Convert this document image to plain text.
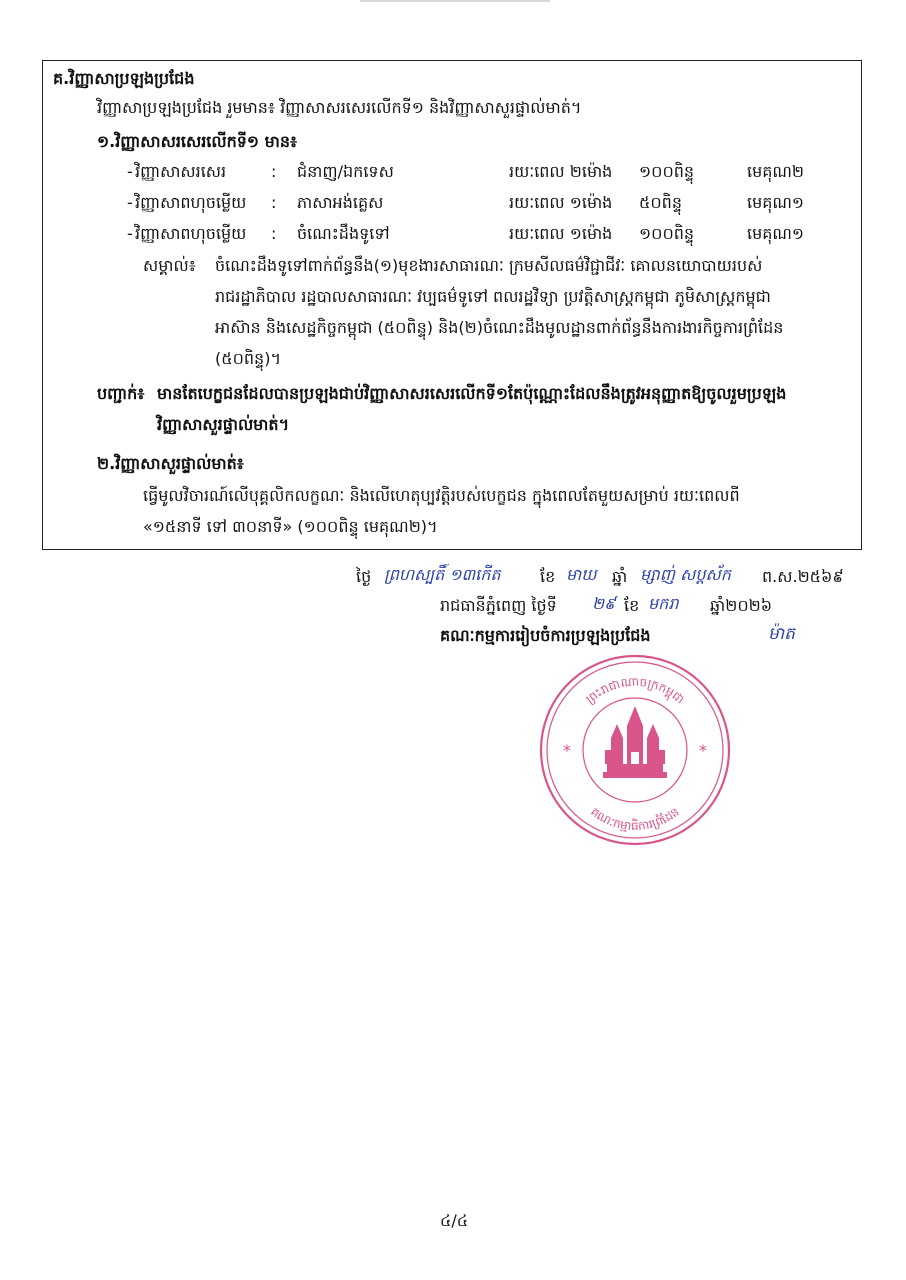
គ.វិញ្ញាសាប្រឡងប្រជែង
វិញ្ញាសាប្រឡងប្រជែង រួមមាន៖ វិញ្ញាសាសរសេរលើកទី១ និងវិញ្ញាសាសួរផ្ទាល់មាត់។
១.វិញ្ញាសាសរសេរលើកទី១ មាន៖
- វិញ្ញាសាសរសេរ	: ជំនាញ/ឯកទេស	រយៈពេល ២ម៉ោង ១០០ពិន្ទុ	មេគុណ២
- វិញ្ញាសាពហុចម្លើយ : ភាសាអង់គ្លេស	រយៈពេល ១ម៉ោង ៥០ពិន្ទុ	មេគុណ១
- វិញ្ញាសាពហុចម្លើយ : ចំណេះដឹងទូទៅ	រយៈពេល ១ម៉ោង ១០០ពិន្ទុ	មេគុណ១
សម្គាល់៖ ចំណេះដឹងទូទៅពាក់ព័ន្ធនឹង(១)មុខងារសាធារណៈ ក្រមសីលធម៌វិជ្ជាជីវៈ គោលនយោបាយរបស់
រាជរដ្ឋាភិបាល រដ្ឋបាលសាធារណៈ វប្បធម៌ទូទៅ ពលរដ្ឋវិទ្យា ប្រវត្តិសាស្ត្រកម្ពុជា ភូមិសាស្ត្រកម្ពុជា
អាស៊ាន និងសេដ្ឋកិច្ចកម្ពុជា (៥០ពិន្ទុ) និង(២)ចំណេះដឹងមូលដ្ឋានពាក់ព័ន្ធនឹងការងារកិច្ចការព្រំដែន
(៥០ពិន្ទុ)។
បញ្ជាក់៖ មានតែបេក្ខជនដែលបានប្រឡងជាប់វិញ្ញាសាសរសេរលើកទី១តែប៉ុណ្ណោះដែលនឹងត្រូវអនុញ្ញាតឱ្យចូលរួមប្រឡង
វិញ្ញាសាសួរផ្ទាល់មាត់។
២.វិញ្ញាសាសួរផ្ទាល់មាត់៖
ធ្វើមូលវិចារណ៍លើបុគ្គលិកលក្ខណៈ និងលើហេតុប្បវត្តិរបស់បេក្ខជន ក្នុងពេលតែមួយសម្រាប់ រយៈពេលពី
«១៥នាទី ទៅ ៣០នាទី» (១០០ពិន្ទុ មេគុណ២)។
ថ្ងៃ ព្រហស្បតិ៍ ១៣កើត ខែ មាឃ ឆ្នាំ ម្សាញ់ សប្តស័ក ព.ស.២៥៦៩
រាជធានីភ្នំពេញ ថ្ងៃទី ២៩ ខែ មករា ឆ្នាំ២០២៦
គណៈកម្មការរៀបចំការប្រឡងប្រជែង	ម៉ាត
ព្រះរាជាណាចក្រកម្ពុជា
គណៈកម្មាធិការព្រំដែន
*	*
៤/៤
